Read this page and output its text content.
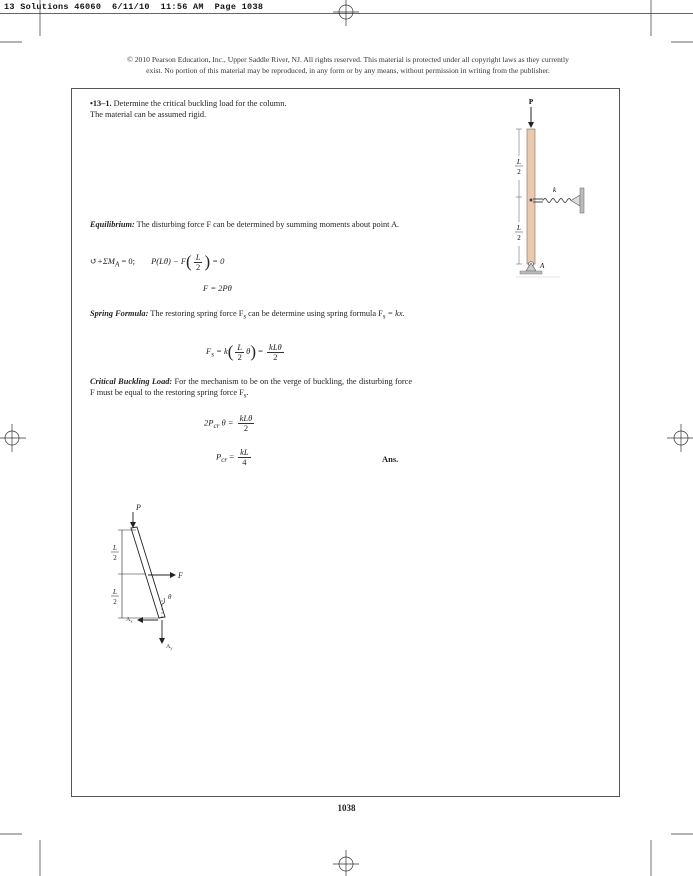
13 Solutions 46060  6/11/10  11:56 AM  Page 1038
© 2010 Pearson Education, Inc., Upper Saddle River, NJ. All rights reserved. This material is protected under all copyright laws as they currently
exist. No portion of this material may be reproduced, in any form or by any means, without permission in writing from the publisher.
•13–1. Determine the critical buckling load for the column.
The material can be assumed rigid.
P
L
2
L
2
k
A
Equilibrium: The disturbing force F can be determined by summing moments about point A.
$↺+\Sigma M_A = 0$; $P(L\theta) - F( \frac{L}{2}$ ) = 0
F = 2Pθ
Spring Formula: The restoring spring force $F_s$ can be determine using spring formula $F_s$ = kx.
$F_s = k( \frac{L}{2} \theta) = \frac{\text{kLθ}}{2}$
Critical Buckling Load: For the mechanism to be on the verge of buckling, the disturbing force F must be equal to the restoring spring force $F_s$.
$2P_{cr}$ $\theta = \frac{\text{kLθ}}{2}$
$P_{cr} = \frac{kL}{4}$	Ans.
P
L
2
L
2
F
θ
$A_x$
$A_y$
1038
